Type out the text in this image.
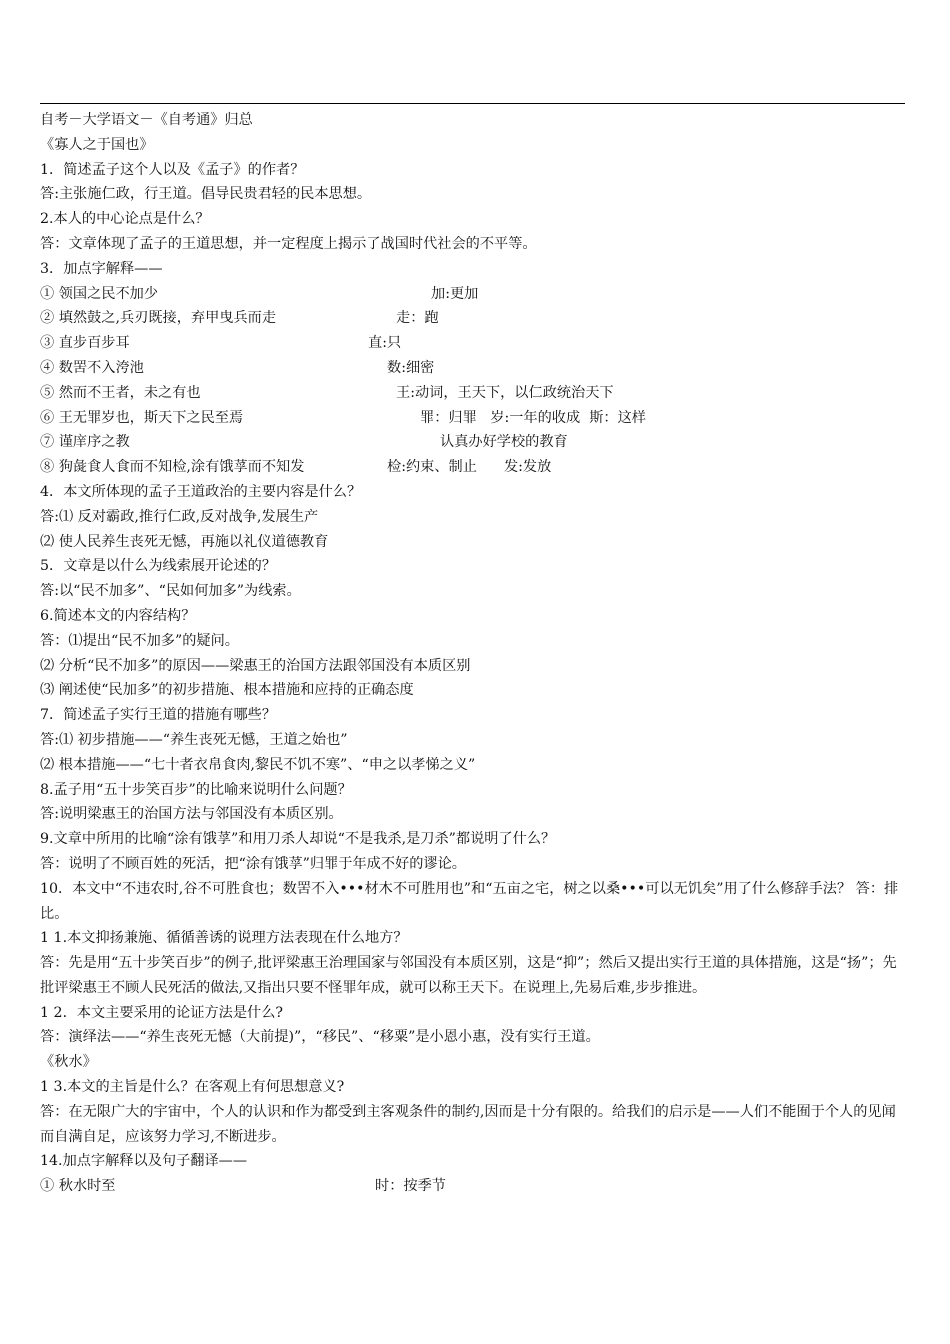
自考－大学语文－《自考通》归总
《寡人之于国也》
1．简述孟子这个人以及《孟子》的作者？
答:主张施仁政，行王道。倡导民贵君轻的民本思想。
2.本人的中心论点是什么？
答：文章体现了孟子的王道思想，并一定程度上揭示了战国时代社会的不平等。
3．加点字解释——
① 领国之民不加少	加:更加
② 填然鼓之,兵刃既接，弃甲曳兵而走	走：跑
③ 直步百步耳	直:只
④ 数罟不入洿池	数:细密
⑤ 然而不王者，未之有也	王:动词，王天下，以仁政统治天下
⑥ 王无罪岁也，斯天下之民至焉	罪：归罪   岁:一年的收成  斯：这样
⑦ 谨庠序之教	认真办好学校的教育
⑧ 狗彘食人食而不知检,涂有饿莩而不知发	检:约束、制止      发:发放
4．本文所体现的孟子王道政治的主要内容是什么？
答:⑴ 反对霸政,推行仁政,反对战争,发展生产
⑵ 使人民养生丧死无憾，再施以礼仪道德教育
5．文章是以什么为线索展开论述的？
答:以“民不加多”、“民如何加多”为线索。
6.简述本文的内容结构？
答：⑴提出“民不加多”的疑问。
⑵ 分析“民不加多”的原因——梁惠王的治国方法跟邻国没有本质区别
⑶ 阐述使“民加多”的初步措施、根本措施和应持的正确态度
7．简述孟子实行王道的措施有哪些？
答:⑴ 初步措施——“养生丧死无憾，王道之始也”
⑵ 根本措施——“七十者衣帛食肉,黎民不饥不寒”、“申之以孝悌之义”
8.孟子用“五十步笑百步”的比喻来说明什么问题？
答:说明梁惠王的治国方法与邻国没有本质区别。
9.文章中所用的比喻“涂有饿莩”和用刀杀人却说“不是我杀,是刀杀”都说明了什么？
答：说明了不顾百姓的死活，把“涂有饿莩”归罪于年成不好的谬论。
10．本文中“不违农时,谷不可胜食也；数罟不入•••材木不可胜用也”和“五亩之宅，树之以桑•••可以无饥矣”用了什么修辞手法？ 答：排比。
1 1.本文抑扬兼施、循循善诱的说理方法表现在什么地方？
答：先是用“五十步笑百步”的例子,批评梁惠王治理国家与邻国没有本质区别，这是“抑”；然后又提出实行王道的具体措施，这是“扬”；先批评梁惠王不顾人民死活的做法,又指出只要不怪罪年成，就可以称王天下。在说理上,先易后难,步步推进。
1 2．本文主要采用的论证方法是什么?
答：演绎法——“养生丧死无憾（大前提)”，“移民”、“移粟”是小恩小惠，没有实行王道。
《秋水》
1 3.本文的主旨是什么？在客观上有何思想意义?
答：在无限广大的宇宙中，个人的认识和作为都受到主客观条件的制约,因而是十分有限的。给我们的启示是——人们不能囿于个人的见闻而自满自足，应该努力学习,不断进步。
14.加点字解释以及句子翻译——
① 秋水时至	时：按季节
